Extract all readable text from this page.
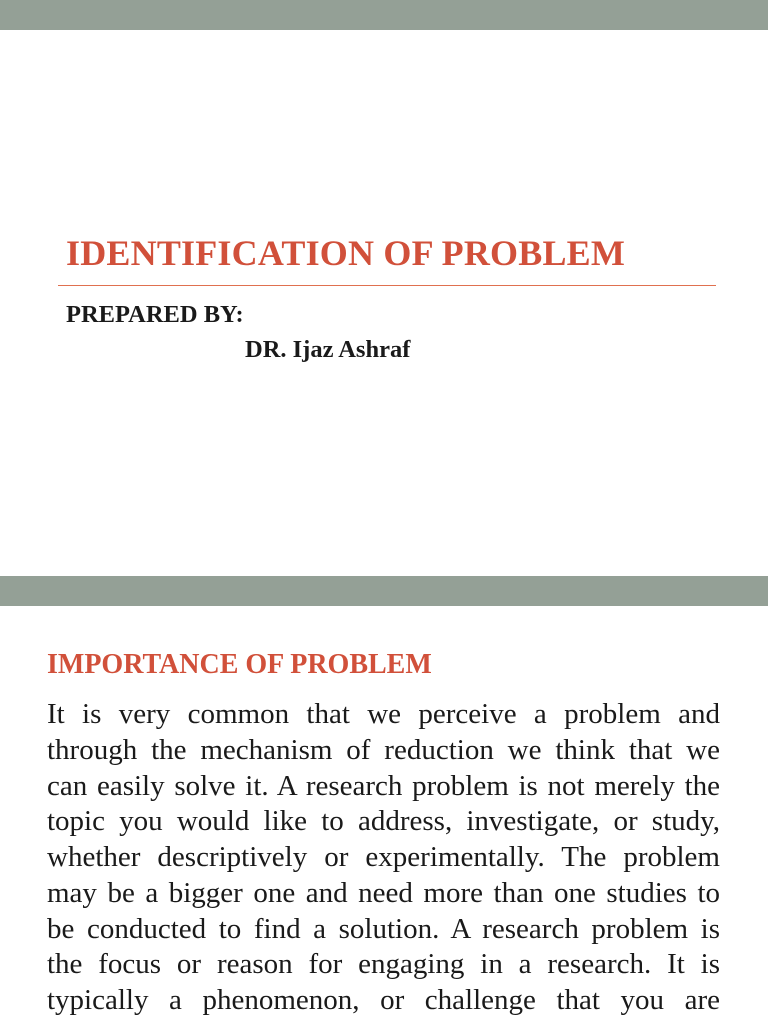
IDENTIFICATION OF PROBLEM
PREPARED BY:
DR. Ijaz Ashraf
IMPORTANCE OF PROBLEM
It is very common that we perceive a problem and
through the mechanism of reduction we think that we
can easily solve it. A research problem is not merely the
topic you would like to address, investigate, or study,
whether descriptively or experimentally. The problem
may be a bigger one and need more than one studies to
be conducted to find a solution. A research problem is
the focus or reason for engaging in a research. It is
typically a phenomenon, or challenge that you are
